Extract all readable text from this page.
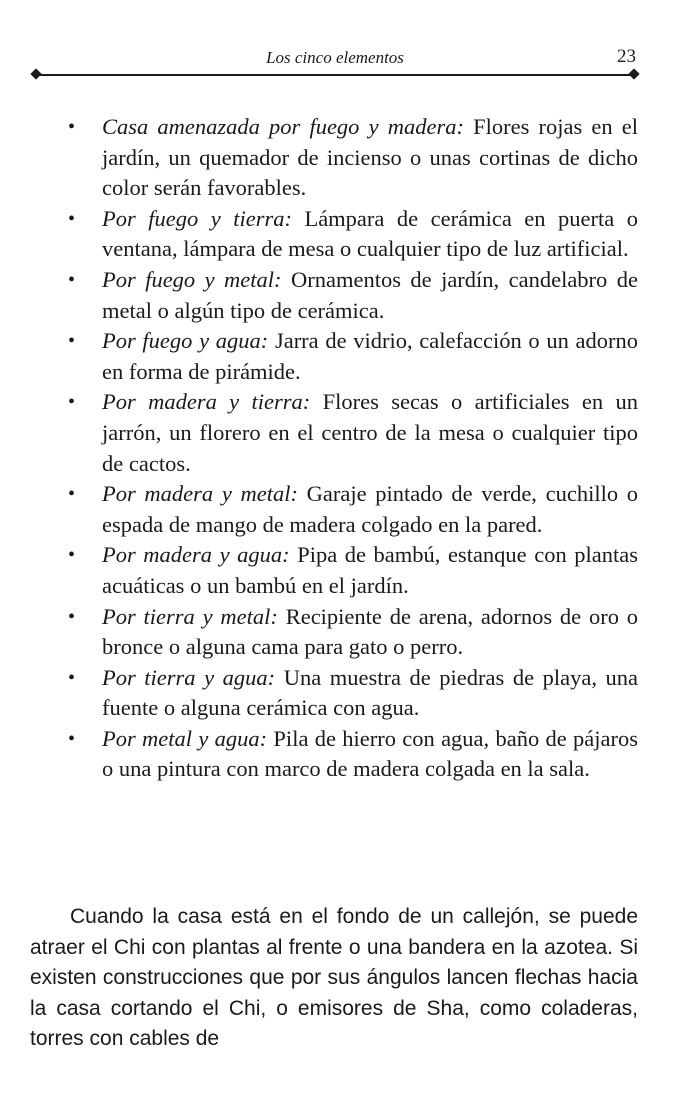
Los cinco elementos	23
• Casa amenazada por fuego y madera: Flores rojas en el jardín, un quemador de incienso o unas cortinas de dicho color serán favorables.
• Por fuego y tierra: Lámpara de cerámica en puerta o ventana, lámpara de mesa o cualquier tipo de luz artificial.
• Por fuego y metal: Ornamentos de jardín, candelabro de metal o algún tipo de cerámica.
• Por fuego y agua: Jarra de vidrio, calefacción o un adorno en forma de pirámide.
• Por madera y tierra: Flores secas o artificiales en un jarrón, un florero en el centro de la mesa o cualquier tipo de cactos.
• Por madera y metal: Garaje pintado de verde, cuchillo o espada de mango de madera colgado en la pared.
• Por madera y agua: Pipa de bambú, estanque con plantas acuáticas o un bambú en el jardín.
• Por tierra y metal: Recipiente de arena, adornos de oro o bronce o alguna cama para gato o perro.
• Por tierra y agua: Una muestra de piedras de playa, una fuente o alguna cerámica con agua.
• Por metal y agua: Pila de hierro con agua, baño de pájaros o una pintura con marco de madera colgada en la sala.

Cuando la casa está en el fondo de un callejón, se puede atraer el Chi con plantas al frente o una bandera en la azotea. Si existen construcciones que por sus ángulos lancen flechas hacia la casa cortando el Chi, o emisores de Sha, como coladeras, torres con cables de
